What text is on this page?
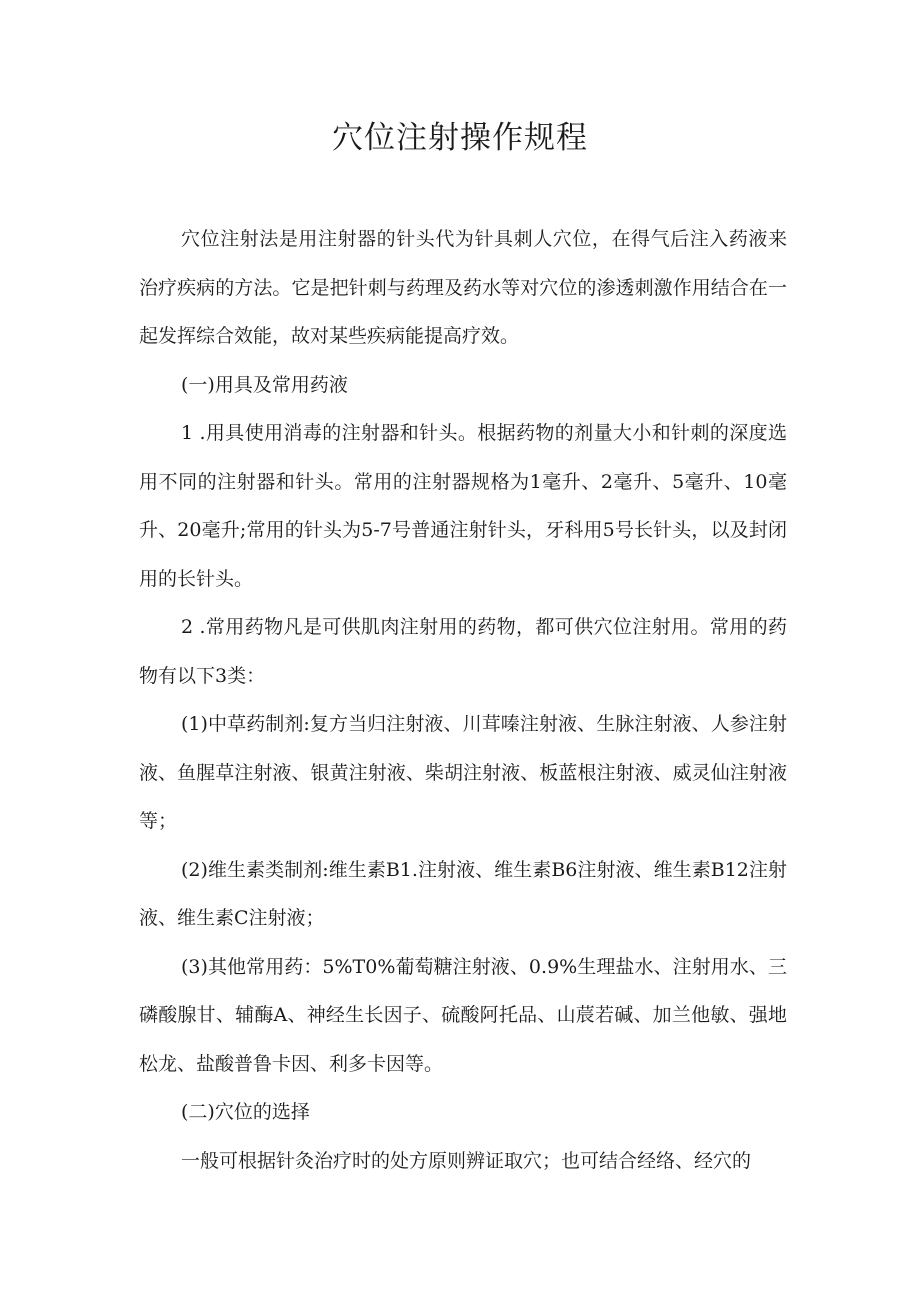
穴位注射操作规程

穴位注射法是用注射器的针头代为针具刺人穴位，在得气后注入药液来治疗疾病的方法。它是把针刺与药理及药水等对穴位的渗透刺激作用结合在一起发挥综合效能，故对某些疾病能提高疗效。

(一)用具及常用药液

1 .用具使用消毒的注射器和针头。根据药物的剂量大小和针刺的深度选用不同的注射器和针头。常用的注射器规格为1毫升、2毫升、5毫升、10毫升、20毫升;常用的针头为5-7号普通注射针头，牙科用5号长针头，以及封闭用的长针头。

2 .常用药物凡是可供肌肉注射用的药物，都可供穴位注射用。常用的药物有以下3类：

(1)中草药制剂:复方当归注射液、川茸嗪注射液、生脉注射液、人参注射液、鱼腥草注射液、银黄注射液、柴胡注射液、板蓝根注射液、威灵仙注射液等；

(2)维生素类制剂:维生素B1.注射液、维生素B6注射液、维生素B12注射液、维生素C注射液；

(3)其他常用药：5%T0%葡萄糖注射液、0.9%生理盐水、注射用水、三磷酸腺甘、辅酶A、神经生长因子、硫酸阿托品、山莀若碱、加兰他敏、强地松龙、盐酸普鲁卡因、利多卡因等。

(二)穴位的选择

一般可根据针灸治疗时的处方原则辨证取穴；也可结合经络、经穴的
